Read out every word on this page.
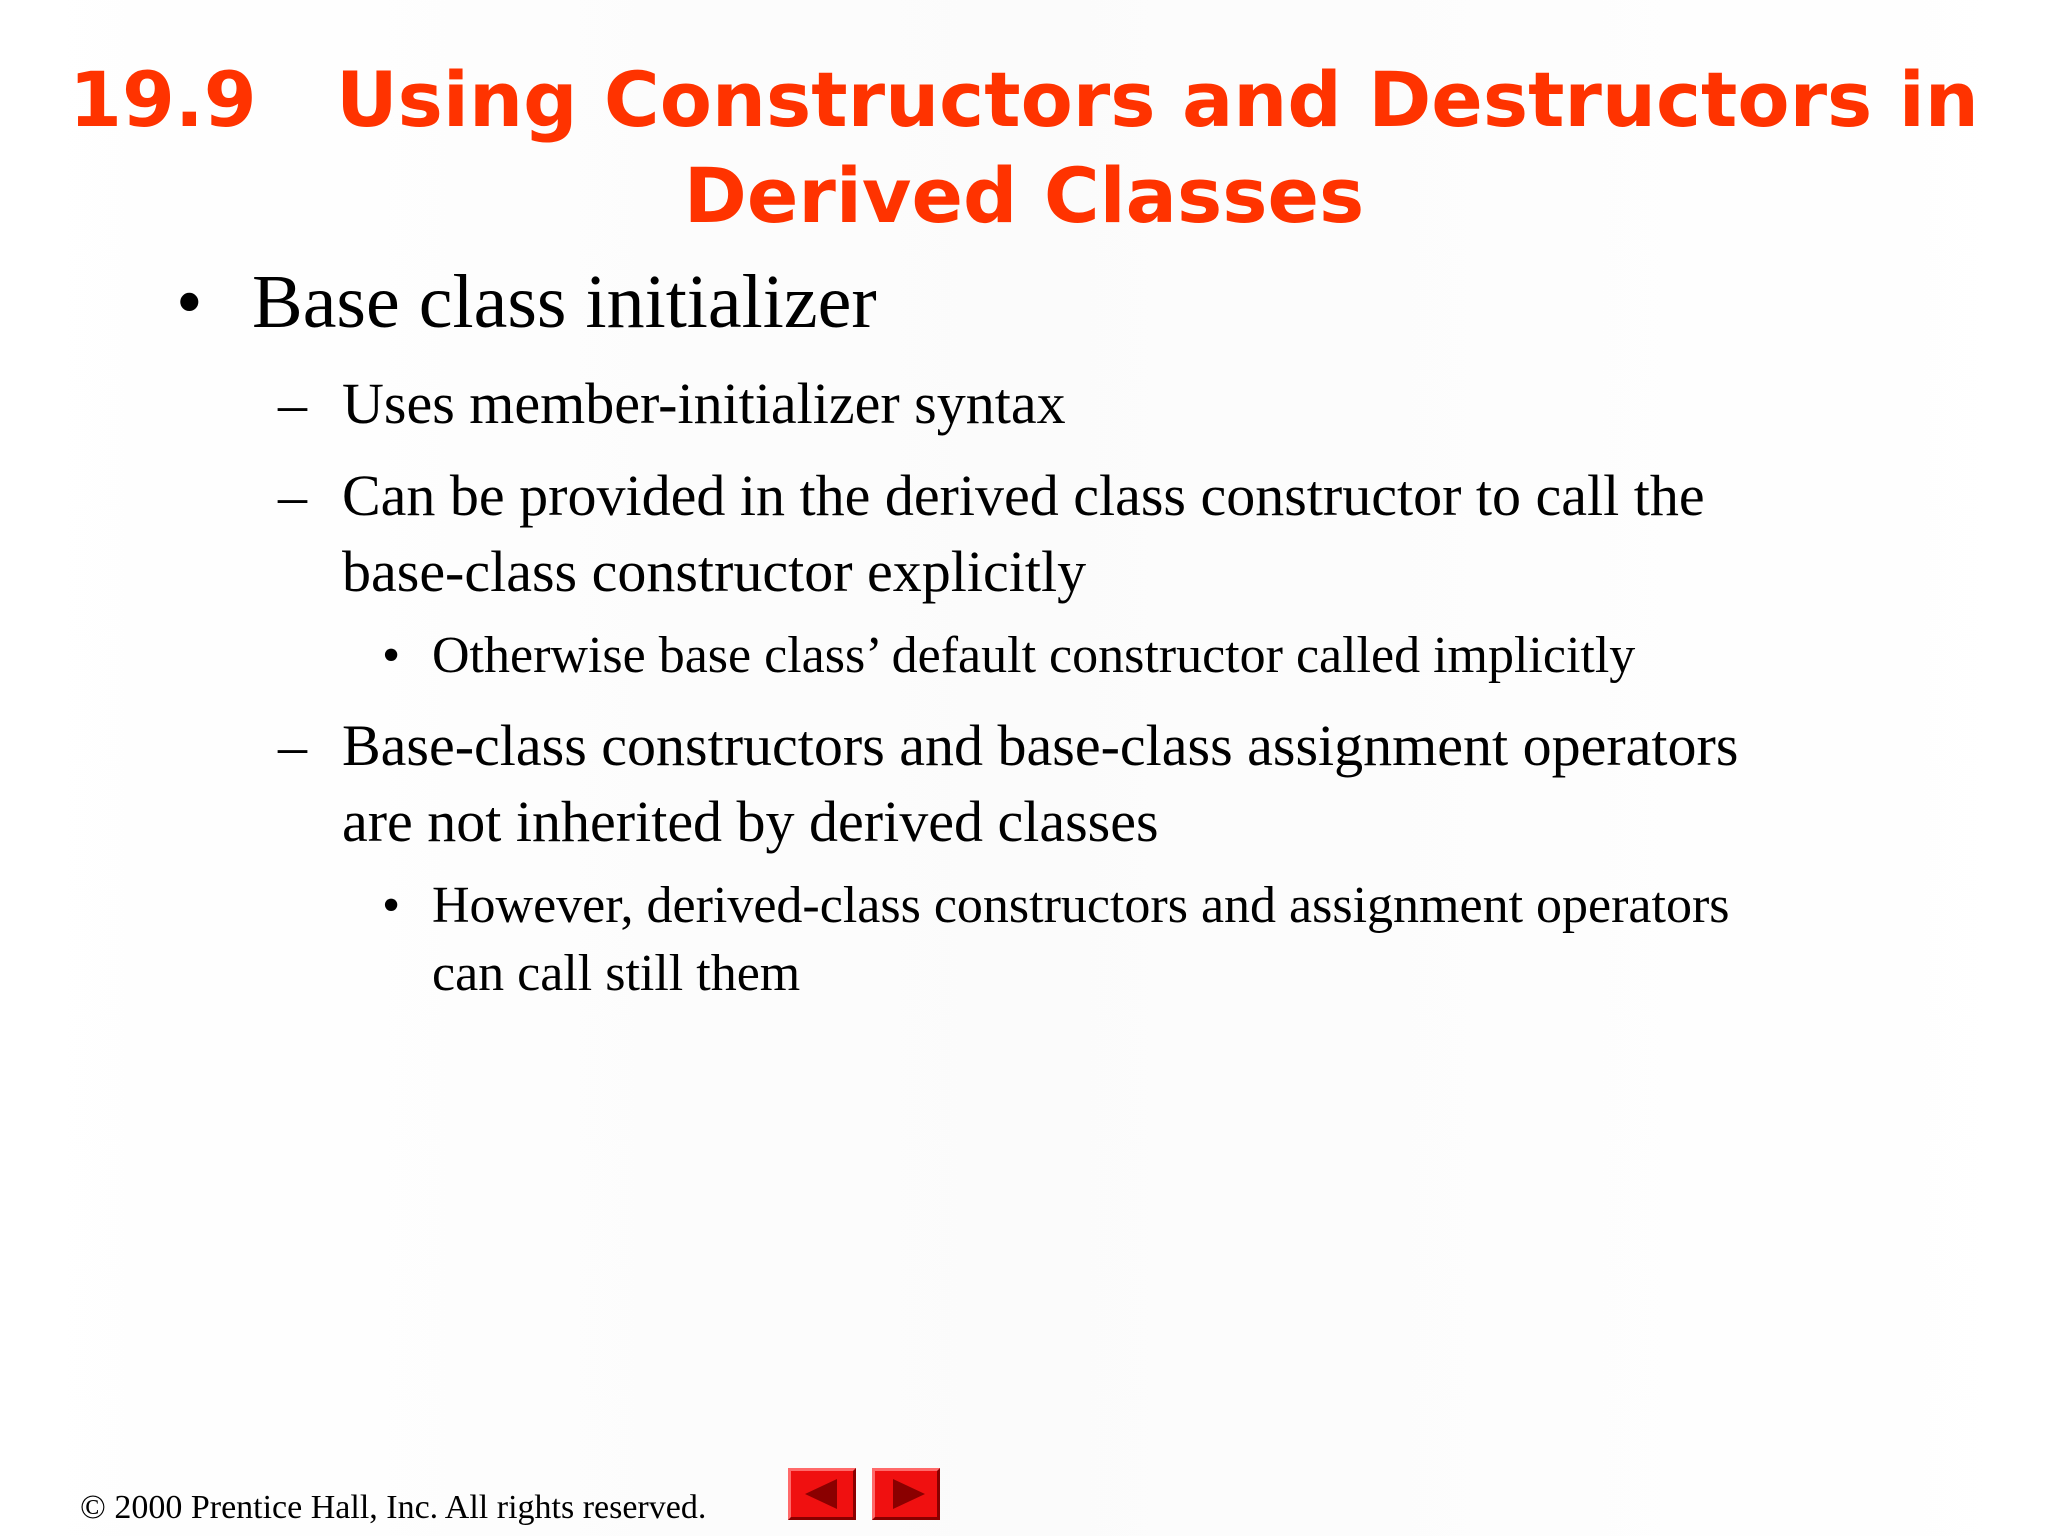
19.9   Using Constructors and Destructors in
Derived Classes
• Base class initializer
– Uses member-initializer syntax
– Can be provided in the derived class constructor to call the
base-class constructor explicitly
• Otherwise base class’ default constructor called implicitly
– Base-class constructors and base-class assignment operators
are not inherited by derived classes
• However, derived-class constructors and assignment operators
can call still them
© 2000 Prentice Hall, Inc. All rights reserved.
